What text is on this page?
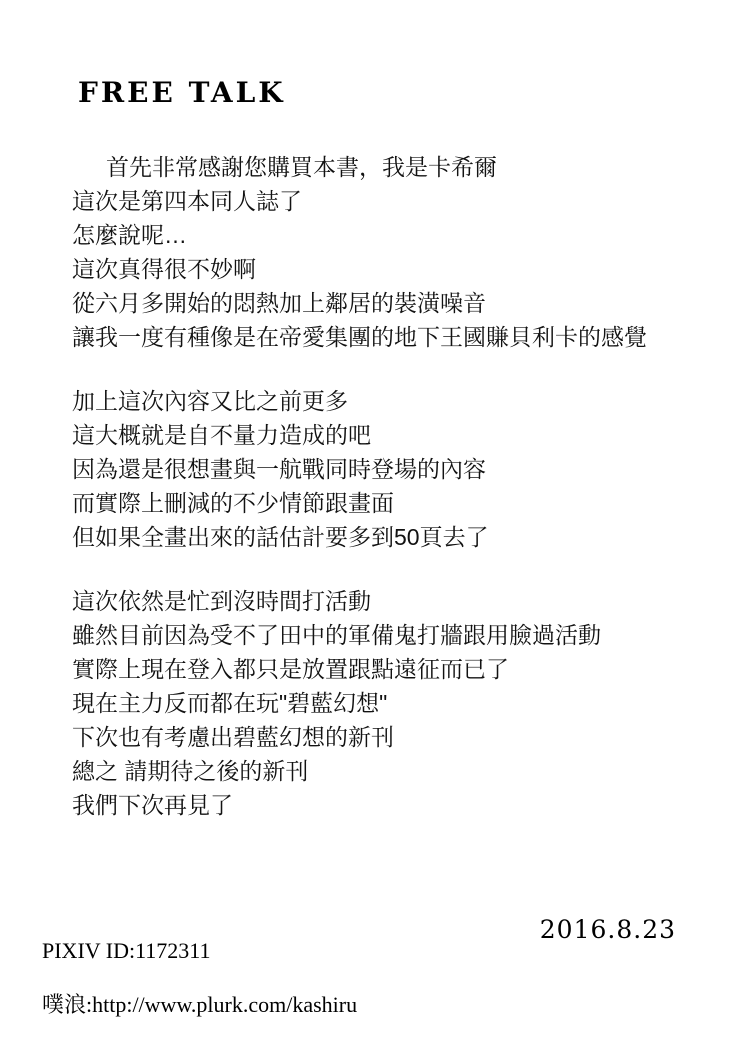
FREE TALK
首先非常感謝您購買本書，我是卡希爾
這次是第四本同人誌了
怎麼說呢…
這次真得很不妙啊
從六月多開始的悶熱加上鄰居的裝潢噪音
讓我一度有種像是在帝愛集團的地下王國賺貝利卡的感覺
加上這次內容又比之前更多
這大概就是自不量力造成的吧
因為還是很想畫與一航戰同時登場的內容
而實際上刪減的不少情節跟畫面
但如果全畫出來的話估計要多到50頁去了
這次依然是忙到沒時間打活動
雖然目前因為受不了田中的軍備鬼打牆跟用臉過活動
實際上現在登入都只是放置跟點遠征而已了
現在主力反而都在玩"碧藍幻想"
下次也有考慮出碧藍幻想的新刊
總之 請期待之後的新刊
我們下次再見了
2016.8.23
PIXIV ID:1172311
噗浪:http://www.plurk.com/kashiru
